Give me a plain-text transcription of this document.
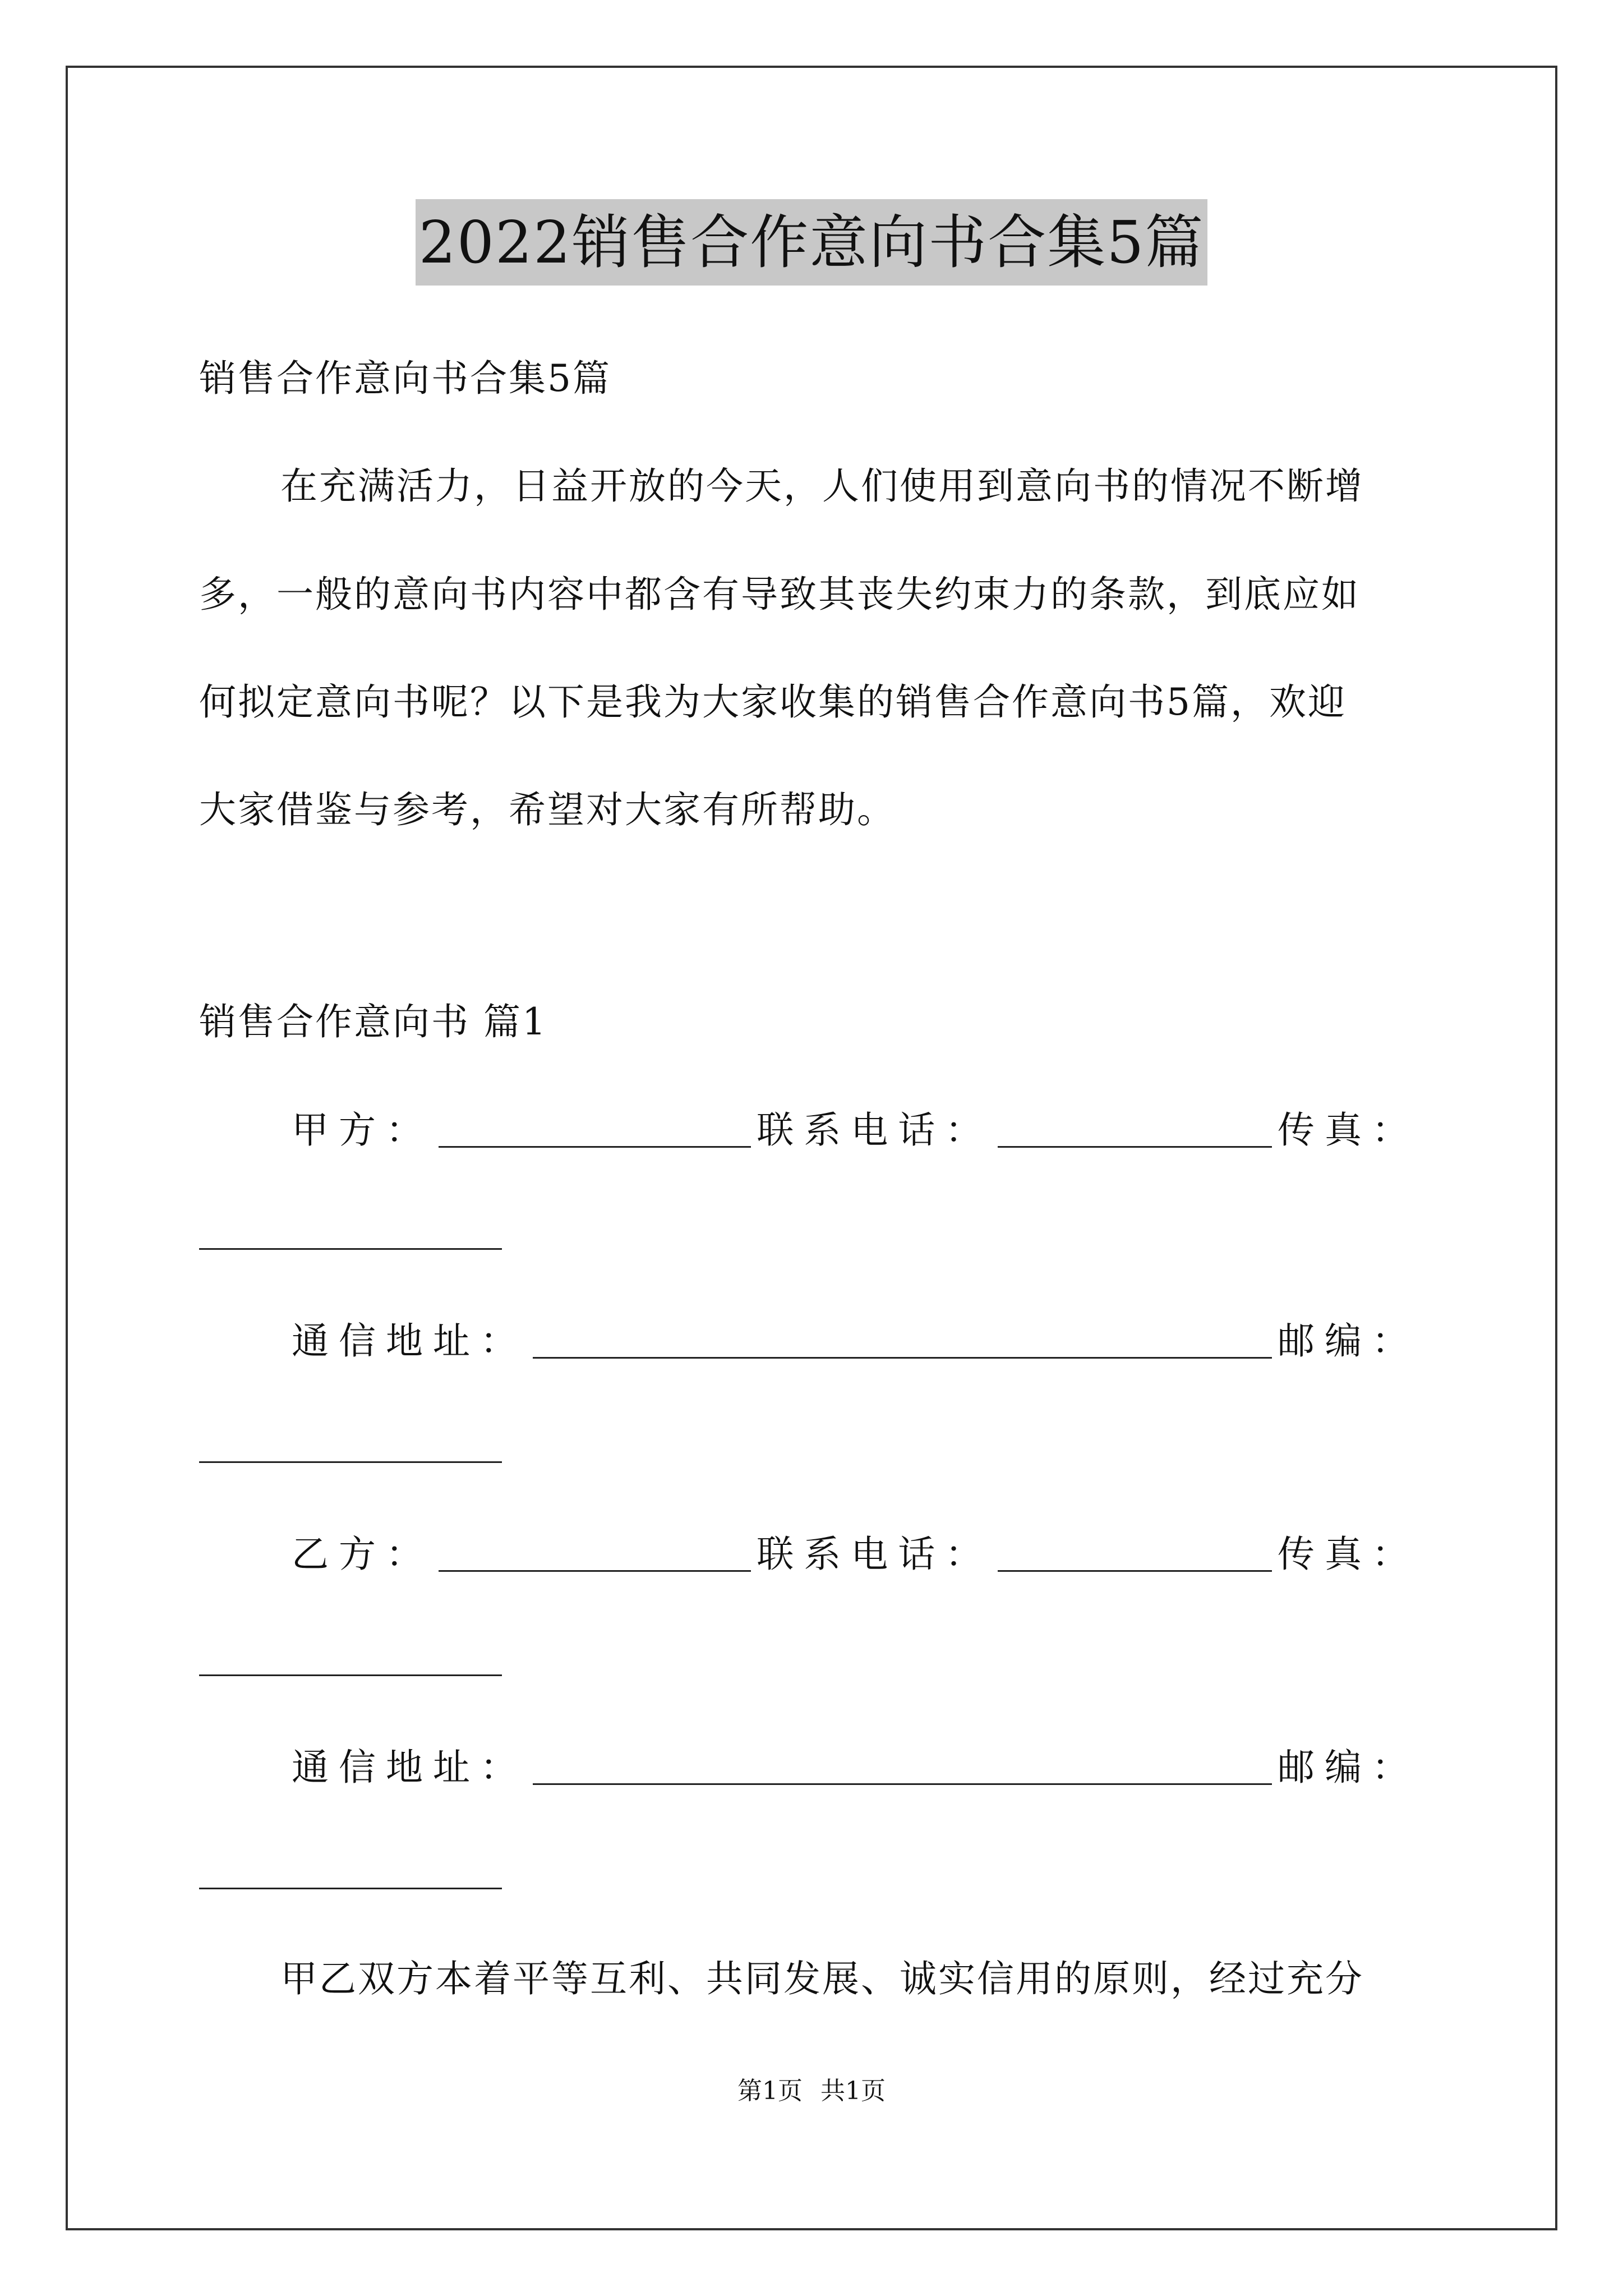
2022销售合作意向书合集5篇
销售合作意向书合集5篇
在充满活力，日益开放的今天，人们使用到意向书的情况不断增
多，一般的意向书内容中都含有导致其丧失约束力的条款，到底应如
何拟定意向书呢？以下是我为大家收集的销售合作意向书5篇，欢迎
大家借鉴与参考，希望对大家有所帮助。
销售合作意向书 篇1
甲方：	联系电话：	传真：
通信地址：	邮编：
乙方：	联系电话：	传真：
通信地址：	邮编：
甲乙双方本着平等互利、共同发展、诚实信用的原则，经过充分
第1页 共1页
